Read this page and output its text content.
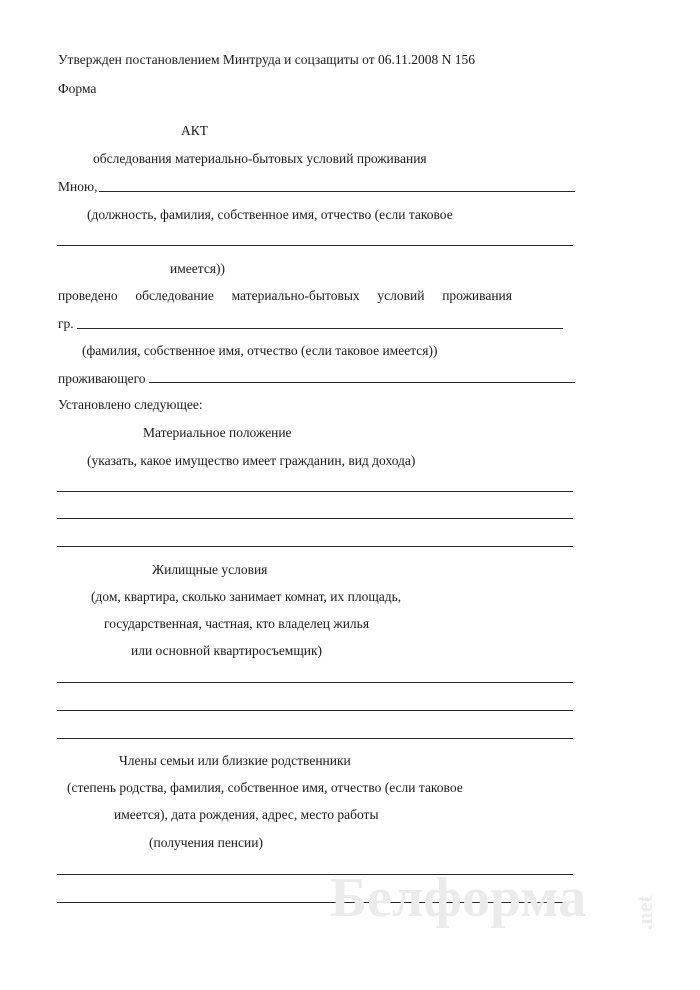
Утвержден постановлением Минтруда и соцзащиты от 06.11.2008 N 156
Форма
АКТ
обследования материально-бытовых условий проживания
Мною,
(должность, фамилия, собственное имя, отчество (если таковое
имеется))
проведено обследование материально-бытовых условий проживания
гр.
(фамилия, собственное имя, отчество (если таковое имеется))
проживающего
Установлено следующее:
Материальное положение
(указать, какое имущество имеет гражданин, вид дохода)
Жилищные условия
(дом, квартира, сколько занимает комнат, их площадь,
государственная, частная, кто владелец жилья
или основной квартиросъемщик)
Члены семьи или близкие родственники
(степень родства, фамилия, собственное имя, отчество (если таковое
имеется), дата рождения, адрес, место работы
(получения пенсии)
Белформа .net
